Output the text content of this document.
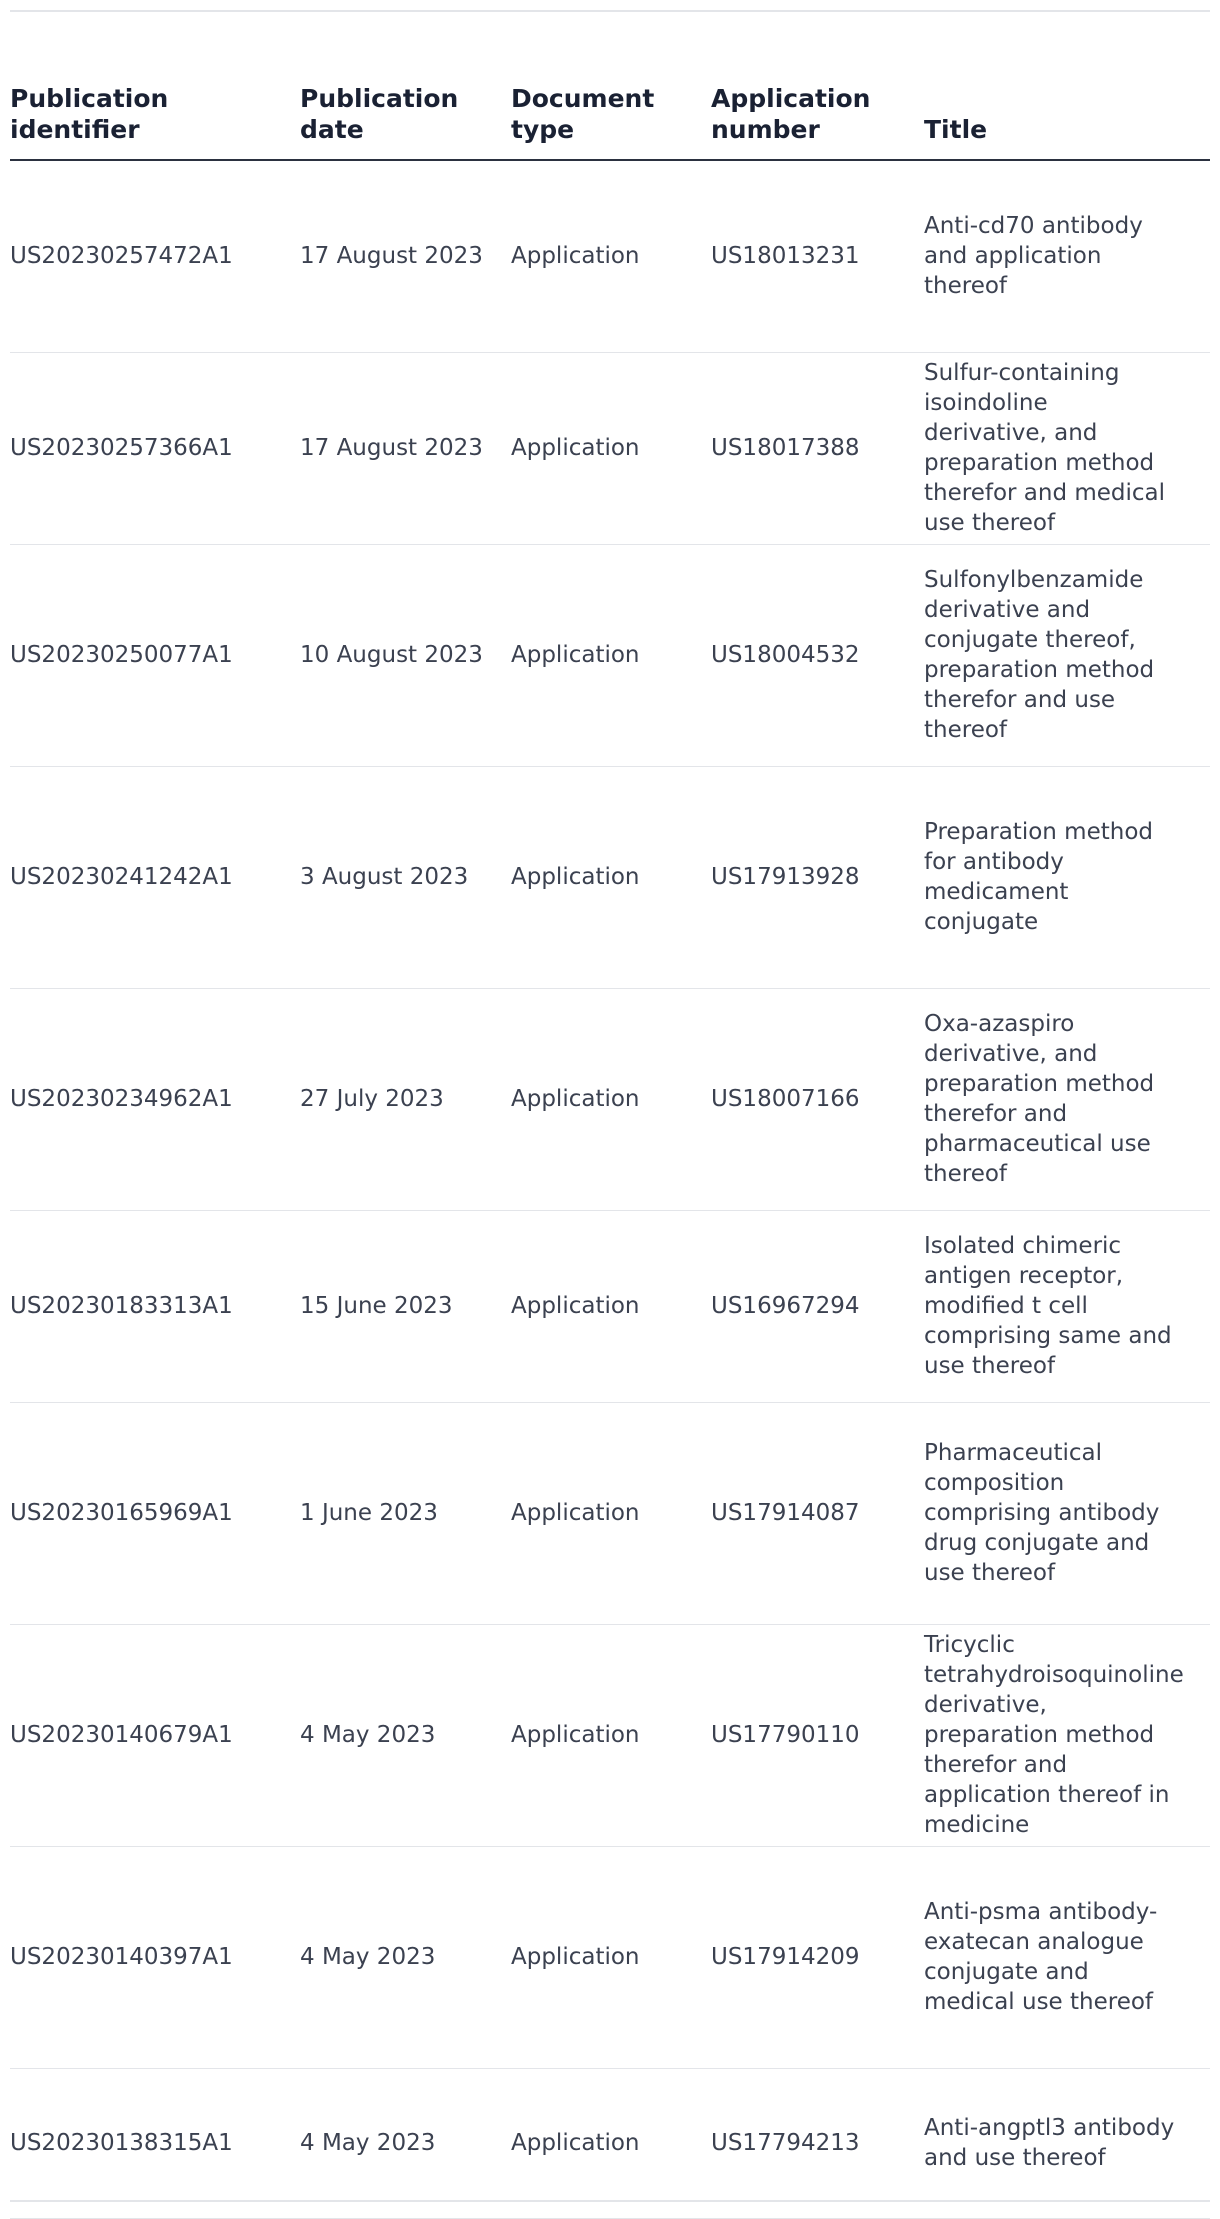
Publication identifier	Publication date	Document type	Application number	Title
US20230257472A1	17 August 2023	Application	US18013231	Anti-cd70 antibody and application thereof
US20230257366A1	17 August 2023	Application	US18017388	Sulfur-containing isoindoline derivative, and preparation method therefor and medical use thereof
US20230250077A1	10 August 2023	Application	US18004532	Sulfonylbenzamide derivative and conjugate thereof, preparation method therefor and use thereof
US20230241242A1	3 August 2023	Application	US17913928	Preparation method for antibody medicament conjugate
US20230234962A1	27 July 2023	Application	US18007166	Oxa-azaspiro derivative, and preparation method therefor and pharmaceutical use thereof
US20230183313A1	15 June 2023	Application	US16967294	Isolated chimeric antigen receptor, modified t cell comprising same and use thereof
US20230165969A1	1 June 2023	Application	US17914087	Pharmaceutical composition comprising antibody drug conjugate and use thereof
US20230140679A1	4 May 2023	Application	US17790110	Tricyclic tetrahydroisoquinoline derivative, preparation method therefor and application thereof in medicine
US20230140397A1	4 May 2023	Application	US17914209	Anti-psma antibody-exatecan analogue conjugate and medical use thereof
US20230138315A1	4 May 2023	Application	US17794213	Anti-angptl3 antibody and use thereof
